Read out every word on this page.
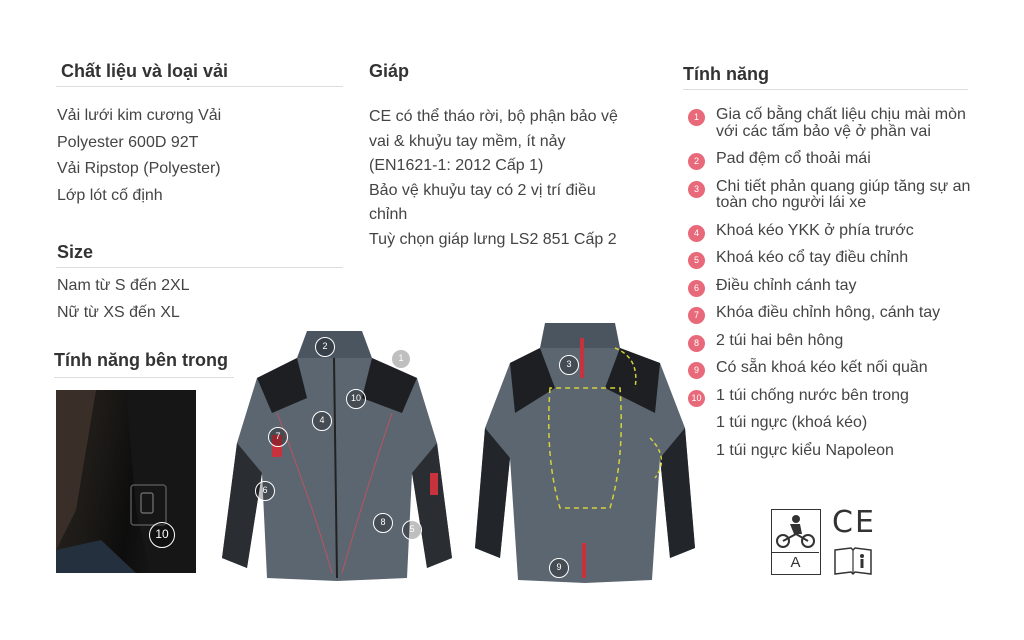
Chất liệu và loại vải
Vải lưới kim cương Vải
Polyester 600D 92T
Vải Ripstop (Polyester)
Lớp lót cố định
Size
Nam từ S đến 2XL
Nữ từ XS đến XL
Tính năng bên trong
10
Giáp
CE có thể tháo rời, bộ phận bảo vệ
vai & khuỷu tay mềm, ít nảy
(EN1621-1: 2012 Cấp 1)
Bảo vệ khuỷu tay có 2 vị trí điều
chỉnh
Tuỳ chọn giáp lưng LS2 851 Cấp 2
Tính năng
1	Gia cố bằng chất liệu chịu mài mòn với các tấm bảo vệ ở phần vai
2	Pad đệm cổ thoải mái
3	Chi tiết phản quang giúp tăng sự an toàn cho người lái xe
4	Khoá kéo YKK ở phía trước
5	Khoá kéo cổ tay điều chỉnh
6	Điều chỉnh cánh tay
7	Khóa điều chỉnh hông, cánh tay
8	2 túi hai bên hông
9	Có sẵn khoá kéo kết nối quần
10 1 túi chống nước bên trong
1 túi ngực (khoá kéo)
1 túi ngực kiểu Napoleon
1
2
4
5
6
7
8
10
3
9	A
CE
